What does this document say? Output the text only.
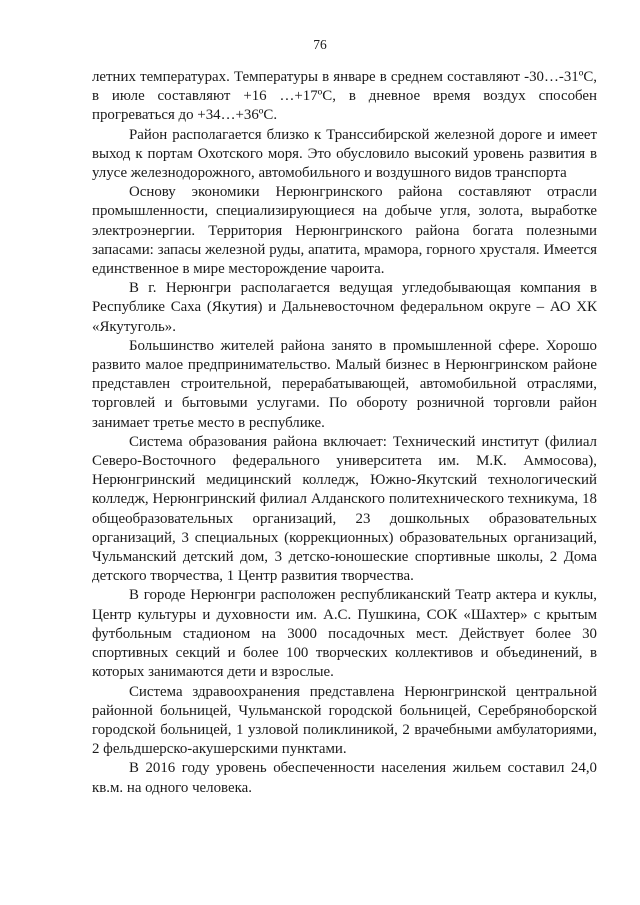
76

летних температурах. Температуры в январе в среднем составляют -30…-31ºС, в июле составляют +16 …+17ºС, в дневное время воздух способен прогреваться до +34…+36ºС.

Район располагается близко к Транссибирской железной дороге и имеет выход к портам Охотского моря. Это обусловило высокий уровень развития в улусе железнодорожного, автомобильного и воздушного видов транспорта

Основу экономики Нерюнгринского района составляют отрасли промышленности, специализирующиеся на добыче угля, золота, выработке электроэнергии. Территория Нерюнгринского района богата полезными запасами: запасы железной руды, апатита, мрамора, горного хрусталя. Имеется единственное в мире месторождение чароита.

В г. Нерюнгри располагается ведущая угледобывающая компания в Республике Саха (Якутия) и Дальневосточном федеральном округе – АО ХК «Якутуголь».

Большинство жителей района занято в промышленной сфере. Хорошо развито малое предпринимательство. Малый бизнес в Нерюнгринском районе представлен строительной, перерабатывающей, автомобильной отраслями, торговлей и бытовыми услугами. По обороту розничной торговли район занимает третье место в республике.

Система образования района включает: Технический институт (филиал Северо-Восточного федерального университета им. М.К. Аммосова), Нерюнгринский медицинский колледж, Южно-Якутский технологический колледж, Нерюнгринский филиал Алданского политехнического техникума, 18 общеобразовательных организаций, 23 дошкольных образовательных организаций, 3 специальных (коррекционных) образовательных организаций, Чульманский детский дом, 3 детско-юношеские спортивные школы, 2 Дома детского творчества, 1 Центр развития творчества.

В городе Нерюнгри расположен республиканский Театр актера и куклы, Центр культуры и духовности им. А.С. Пушкина, СОК «Шахтер» с крытым футбольным стадионом на 3000 посадочных мест. Действует более 30 спортивных секций и более 100 творческих коллективов и объединений, в которых занимаются дети и взрослые.

Система здравоохранения представлена Нерюнгринской центральной районной больницей, Чульманской городской больницей, Серебряноборской городской больницей, 1 узловой поликлиникой, 2 врачебными амбулаториями, 2 фельдшерско-акушерскими пунктами.

В 2016 году уровень обеспеченности населения жильем составил 24,0 кв.м. на одного человека.
